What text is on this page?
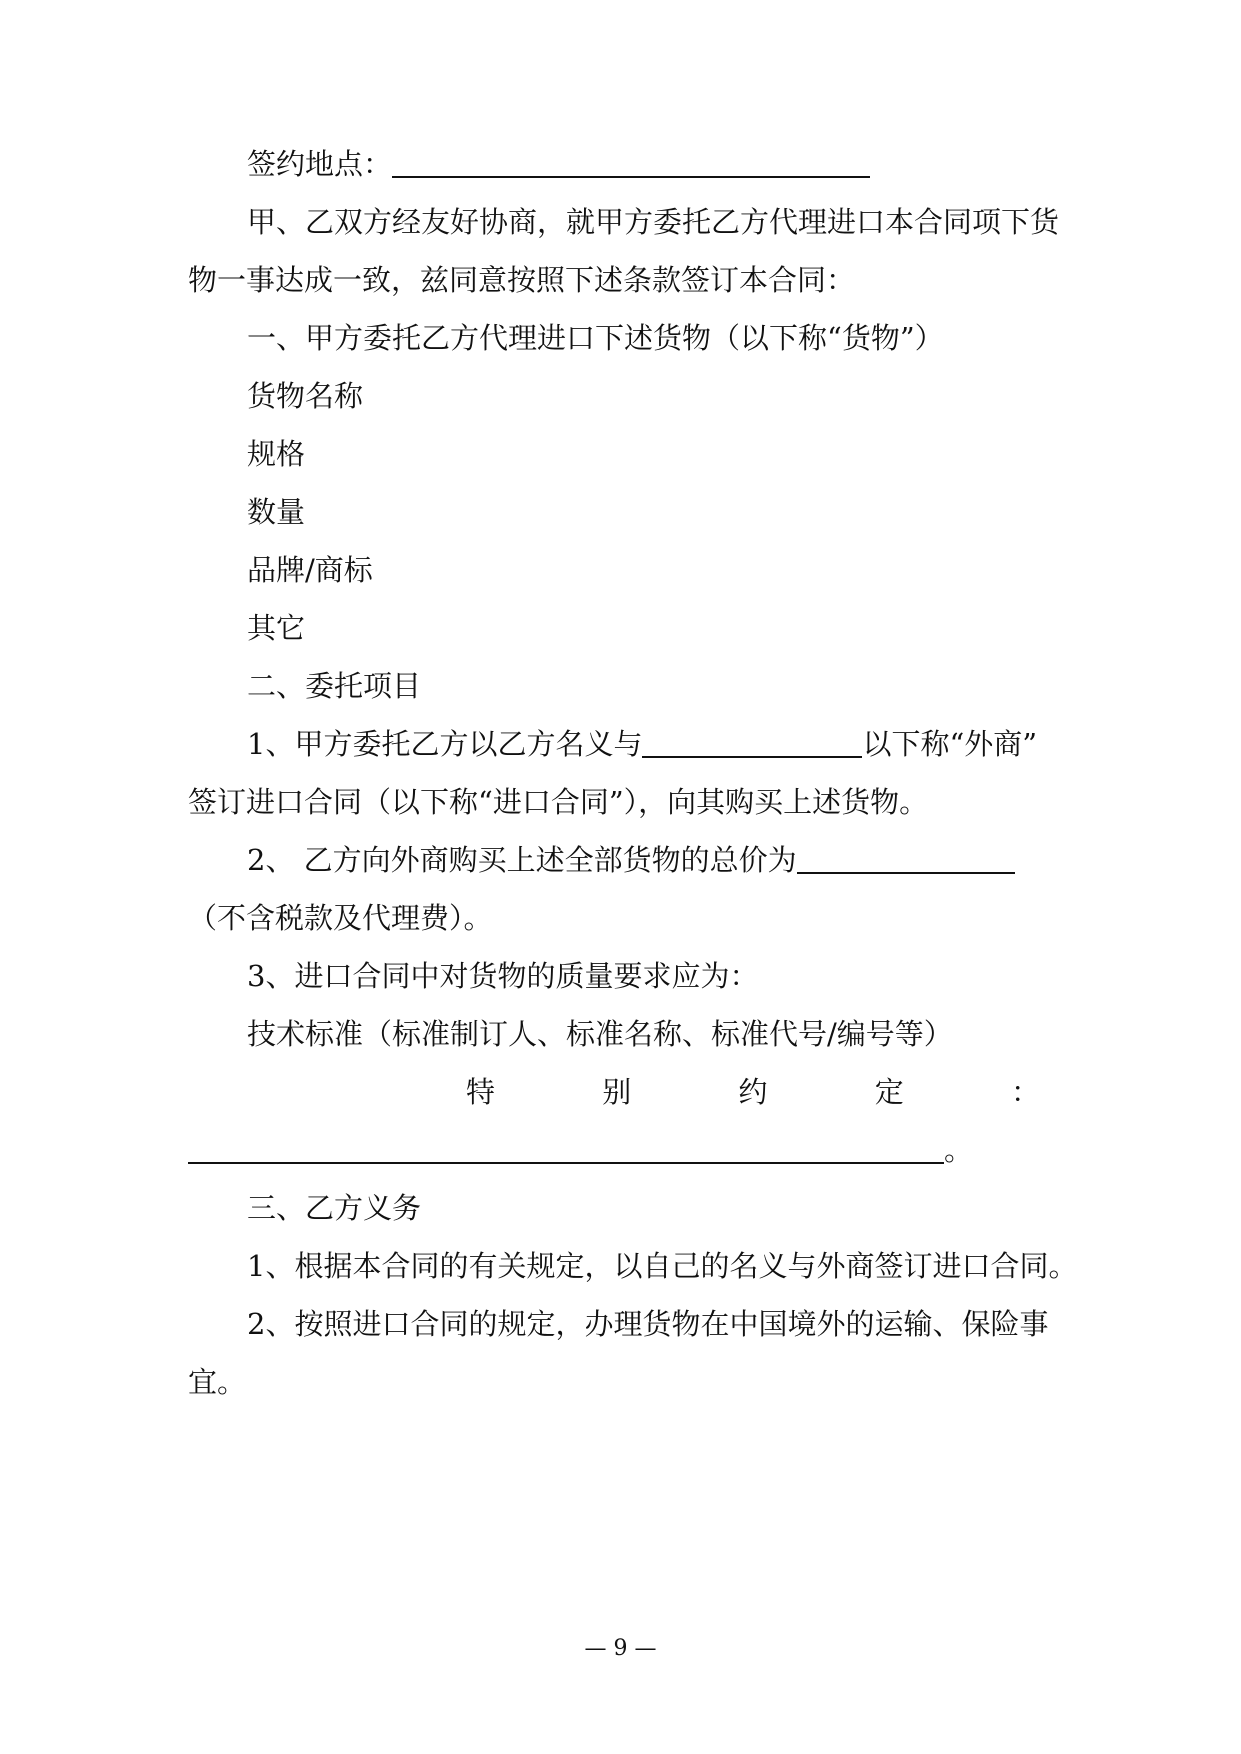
签约地点：
甲、乙双方经友好协商，就甲方委托乙方代理进口本合同项下货
物一事达成一致，兹同意按照下述条款签订本合同：
一、甲方委托乙方代理进口下述货物（以下称“货物”）
货物名称
规格
数量
品牌/商标
其它
二、委托项目
1、甲方委托乙方以乙方名义与	以下称“外商”
签订进口合同（以下称“进口合同”），向其购买上述货物。
2、 乙方向外商购买上述全部货物的总价为
（不含税款及代理费）。
3、进口合同中对货物的质量要求应为：
技术标准（标准制订人、标准名称、标准代号/编号等）
特	别	约	定	：
。
三、乙方义务
1、根据本合同的有关规定，以自己的名义与外商签订进口合同。
2、按照进口合同的规定，办理货物在中国境外的运输、保险事
宜。
— 9 —
